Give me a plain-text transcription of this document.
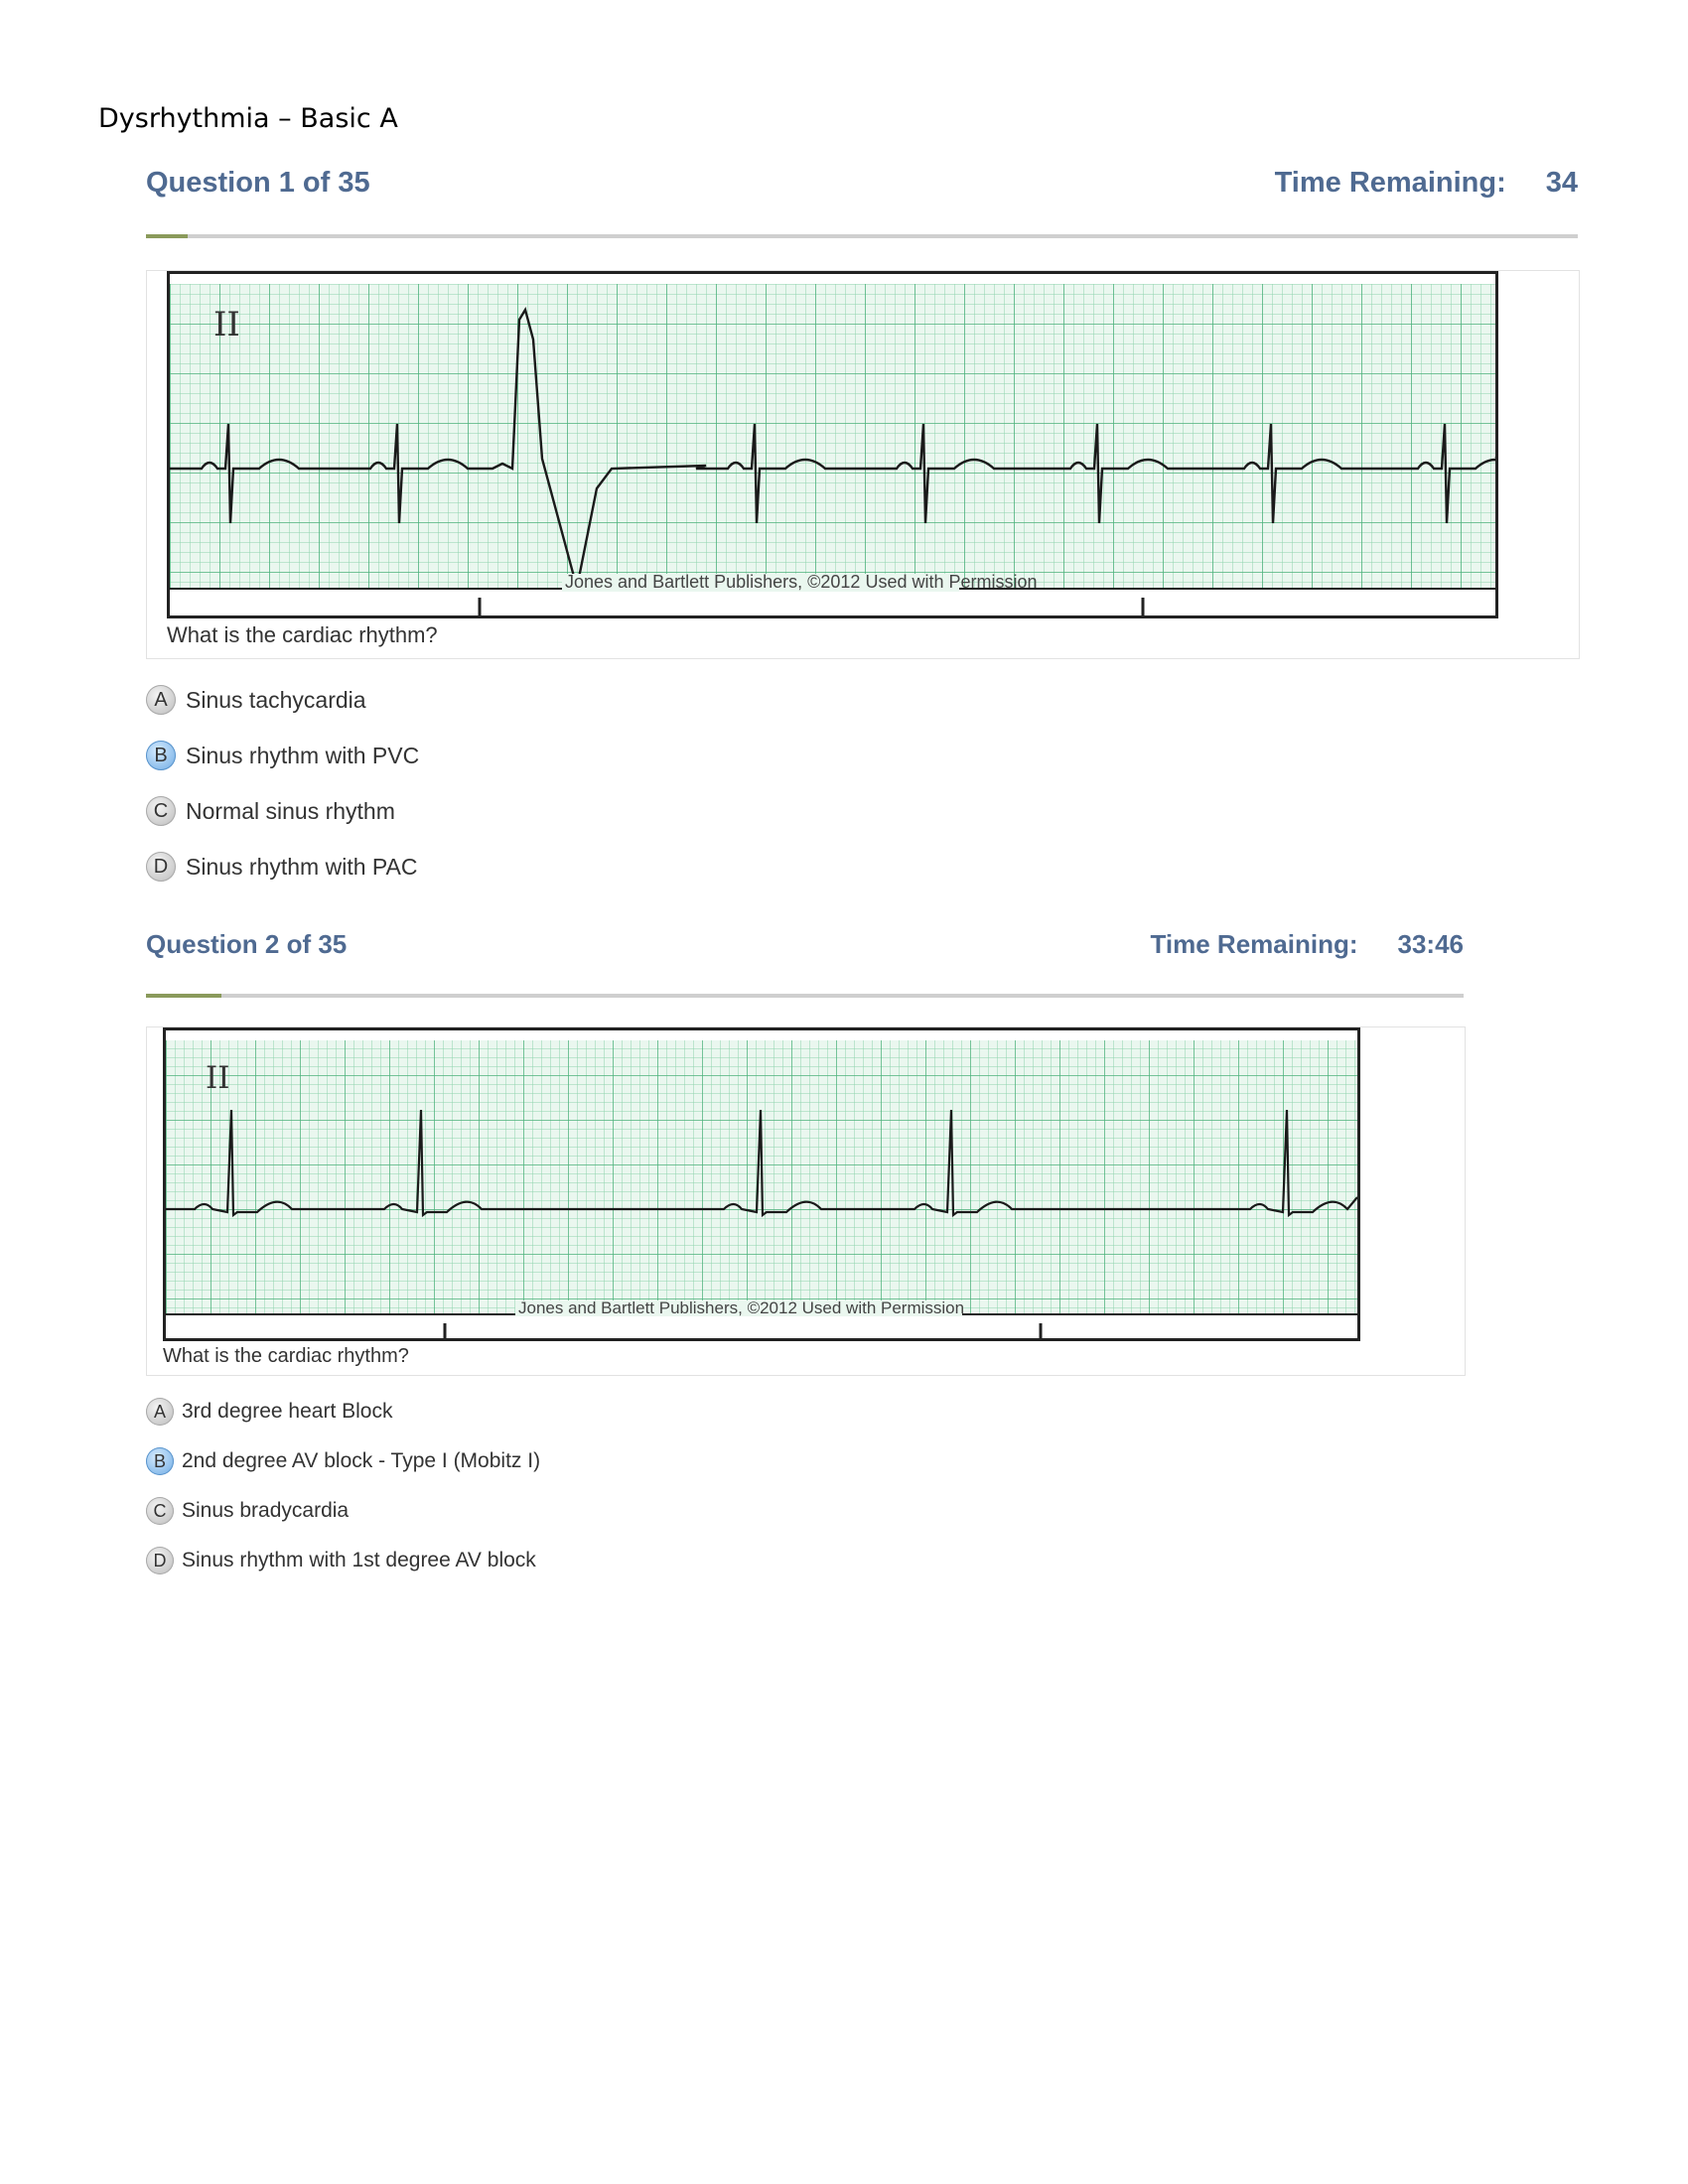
Dysrhythmia – Basic A
Question 1 of 35	Time Remaining: 34
II
Jones and Bartlett Publishers, ©2012 Used with Permission
What is the cardiac rhythm?
A Sinus tachycardia
B Sinus rhythm with PVC
C Normal sinus rhythm
D Sinus rhythm with PAC
Question 2 of 35	Time Remaining: 33:46
II
Jones and Bartlett Publishers, ©2012 Used with Permission
What is the cardiac rhythm?
A 3rd degree heart Block
B 2nd degree AV block - Type I (Mobitz I)
C Sinus bradycardia
D Sinus rhythm with 1st degree AV block
